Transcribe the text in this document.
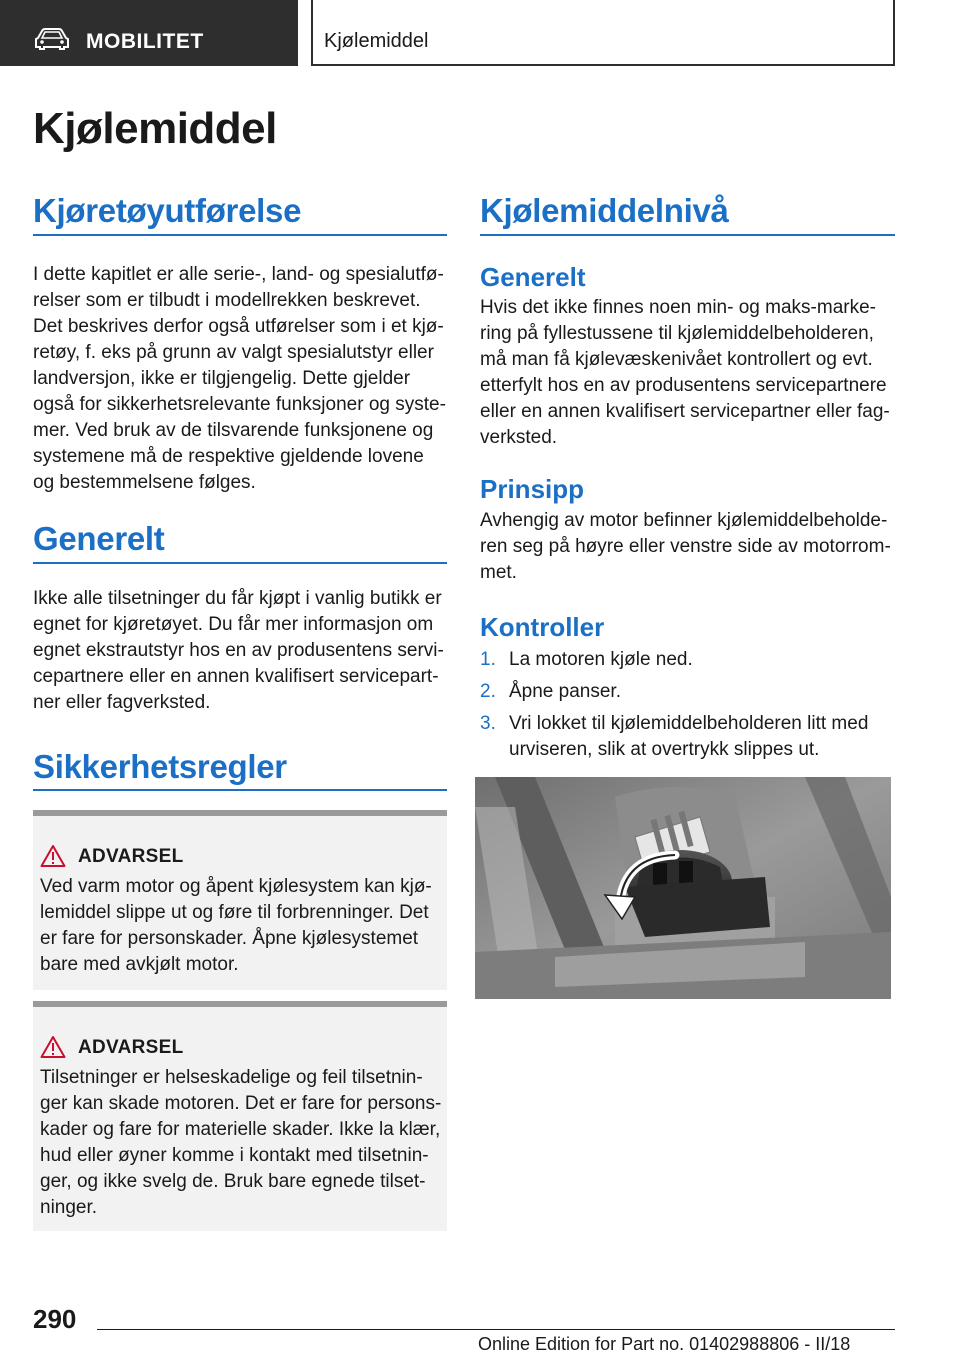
MOBILITET	Kjølemiddel
Kjølemiddel
Kjøretøyutførelse
I dette kapitlet er alle serie-, land- og spesialutfø-
relser som er tilbudt i modellrekken beskrevet.
Det beskrives derfor også utførelser som i et kjø-
retøy, f. eks på grunn av valgt spesialutstyr eller
landversjon, ikke er tilgjengelig. Dette gjelder
også for sikkerhetsrelevante funksjoner og syste-
mer. Ved bruk av de tilsvarende funksjonene og
systemene må de respektive gjeldende lovene
og bestemmelsene følges.
Generelt
Ikke alle tilsetninger du får kjøpt i vanlig butikk er
egnet for kjøretøyet. Du får mer informasjon om
egnet ekstrautstyr hos en av produsentens servi-
cepartnere eller en annen kvalifisert servicepart-
ner eller fagverksted.
Sikkerhetsregler
ADVARSEL
Ved varm motor og åpent kjølesystem kan kjø-
lemiddel slippe ut og føre til forbrenninger. Det
er fare for personskader. Åpne kjølesystemet
bare med avkjølt motor.
ADVARSEL
Tilsetninger er helseskadelige og feil tilsetnin-
ger kan skade motoren. Det er fare for persons-
kader og fare for materielle skader. Ikke la klær,
hud eller øyner komme i kontakt med tilsetnin-
ger, og ikke svelg de. Bruk bare egnede tilset-
ninger.
Kjølemiddelnivå
Generelt
Hvis det ikke finnes noen min- og maks-marke-
ring på fyllestussene til kjølemiddelbeholderen,
må man få kjølevæskenivået kontrollert og evt.
etterfylt hos en av produsentens servicepartnere
eller en annen kvalifisert servicepartner eller fag-
verksted.
Prinsipp
Avhengig av motor befinner kjølemiddelbeholde-
ren seg på høyre eller venstre side av motorrom-
met.
Kontroller
1. La motoren kjøle ned.
2. Åpne panser.
3. Vri lokket til kjølemiddelbeholderen litt med
urviseren, slik at overtrykk slippes ut.
290
Online Edition for Part no. 01402988806 - II/18
